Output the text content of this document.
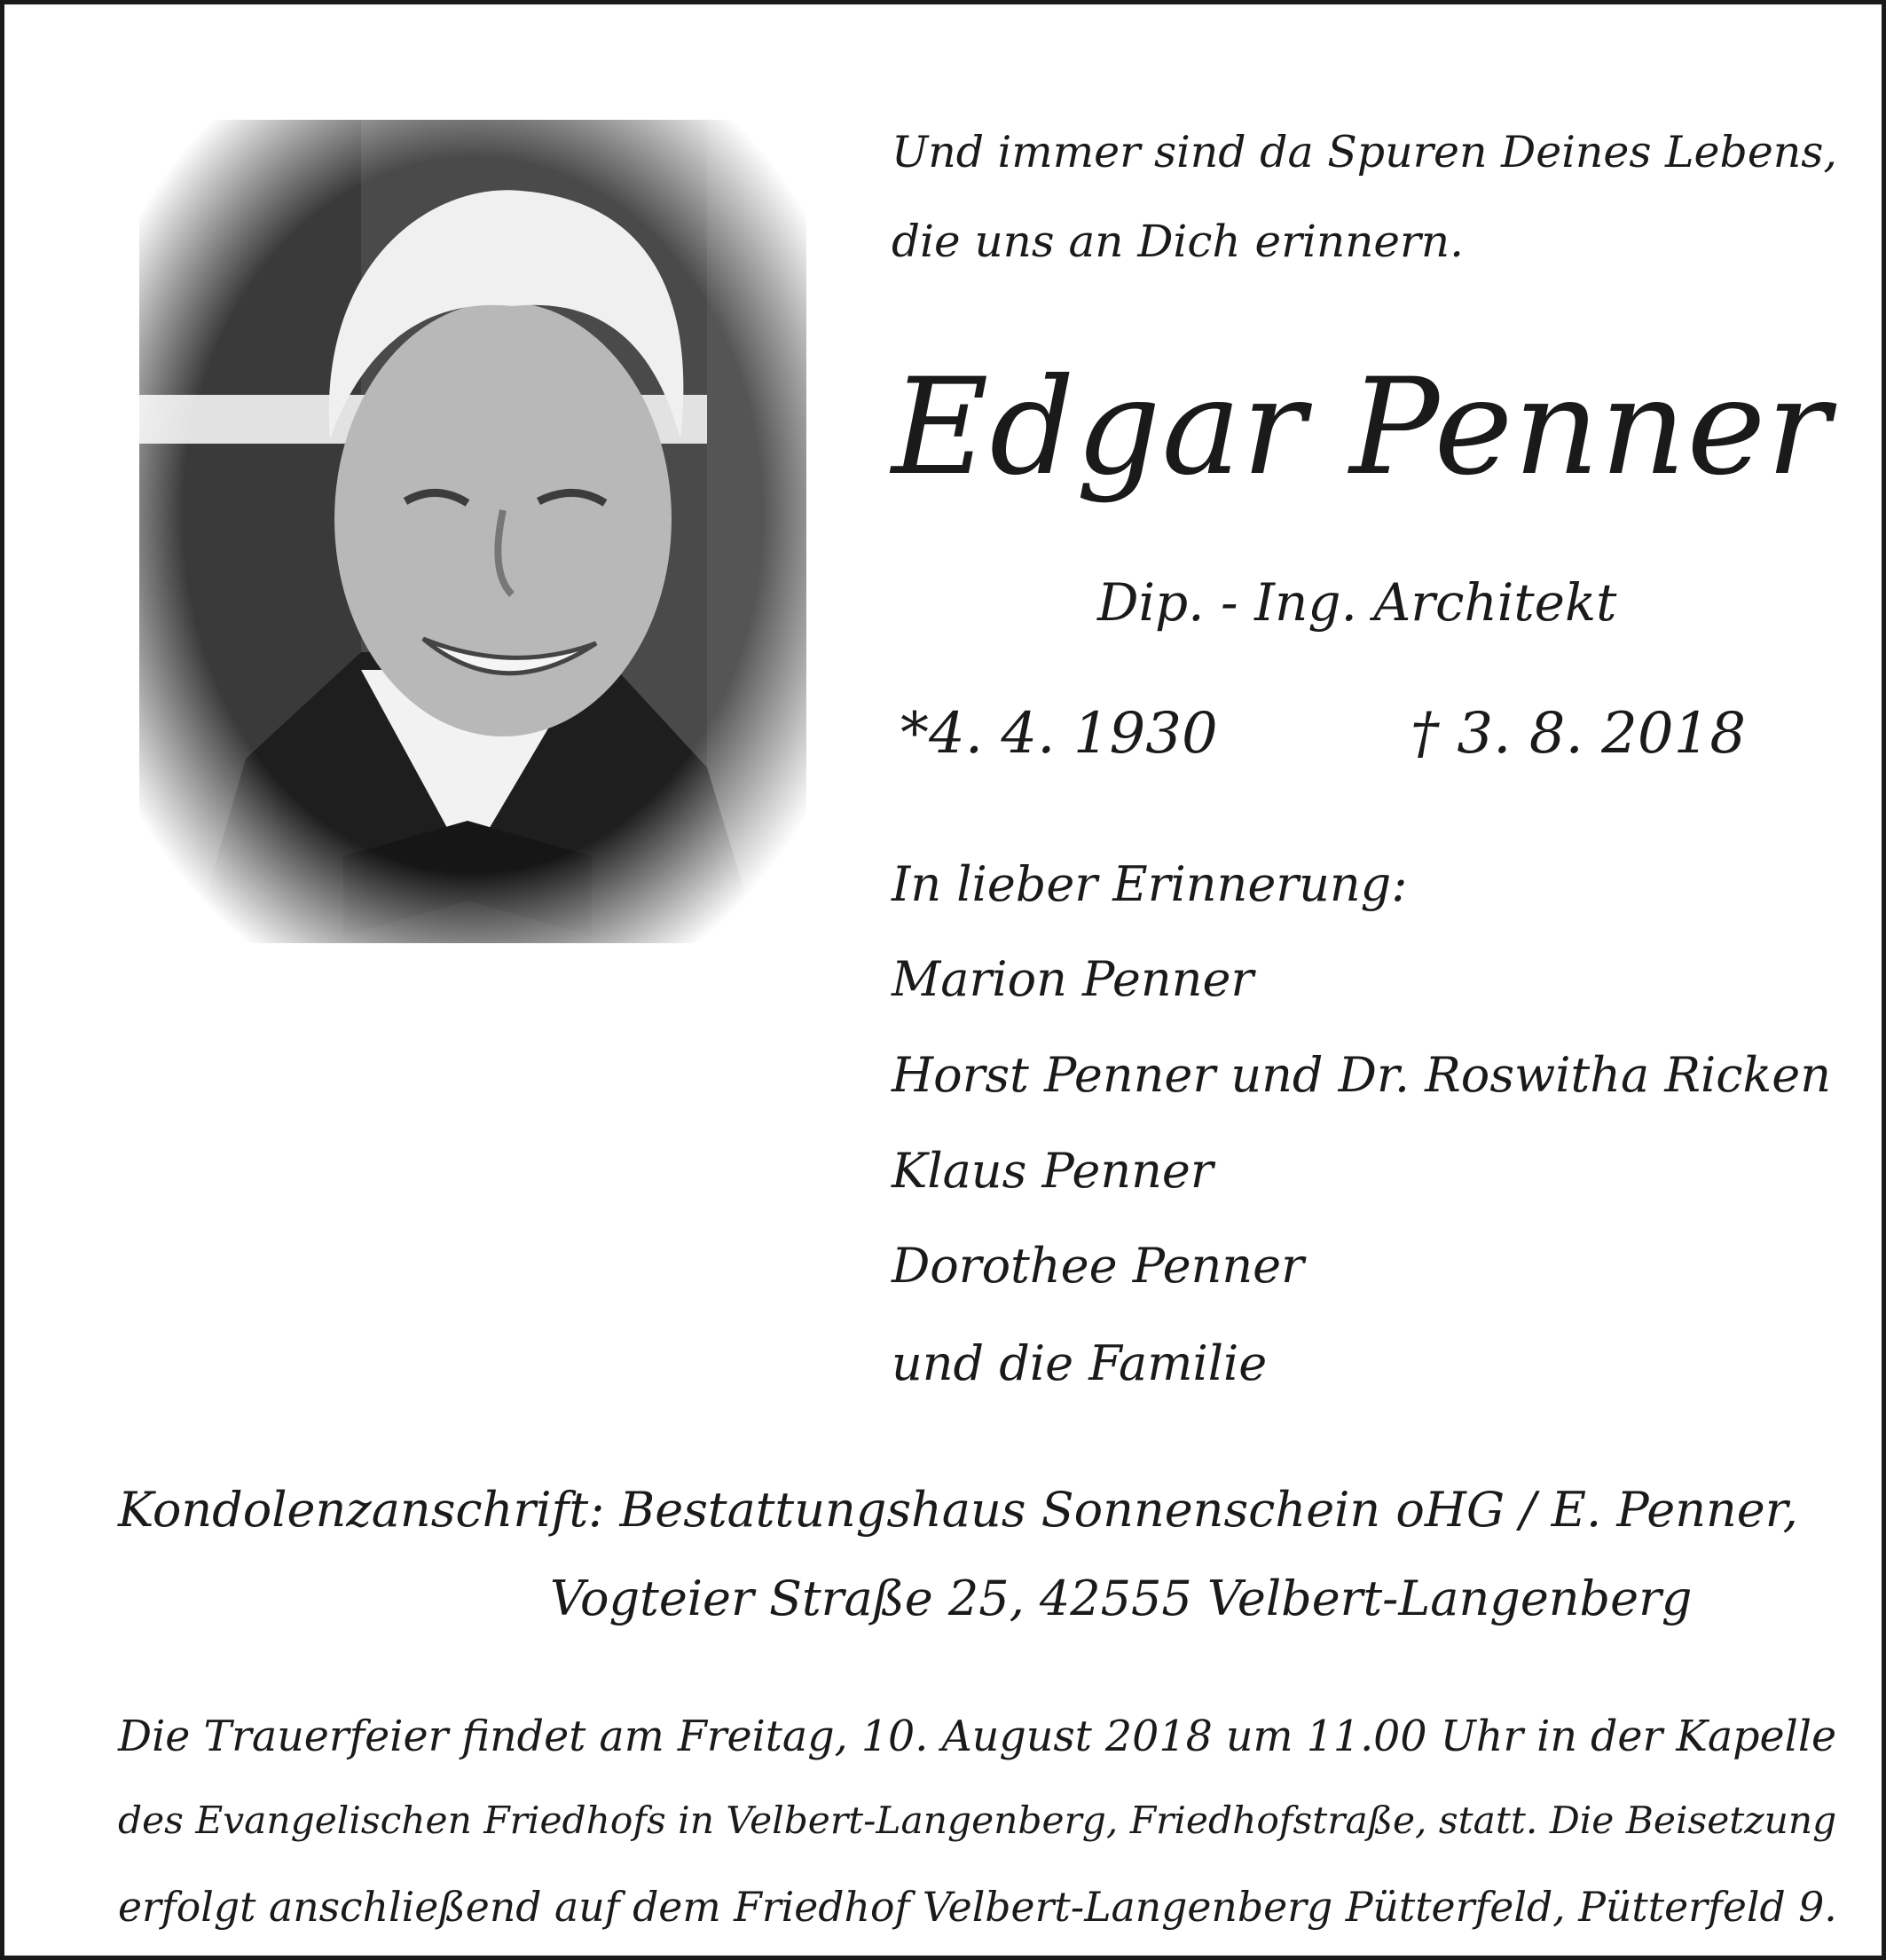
Und immer sind da Spuren Deines Lebens,
die uns an Dich erinnern.
Edgar Penner
Dip. - Ing. Architekt
*4. 4. 1930	† 3. 8. 2018
In lieber Erinnerung:
Marion Penner
Horst Penner und Dr. Roswitha Ricken
Klaus Penner
Dorothee Penner
und die Familie
Kondolenzanschrift: Bestattungshaus Sonnenschein oHG / E. Penner,
Vogteier Straße 25, 42555 Velbert-Langenberg
Die Trauerfeier findet am Freitag, 10. August 2018 um 11.00 Uhr in der Kapelle
des Evangelischen Friedhofs in Velbert-Langenberg, Friedhofstraße, statt. Die Beisetzung
erfolgt anschließend auf dem Friedhof Velbert-Langenberg Pütterfeld, Pütterfeld 9.
